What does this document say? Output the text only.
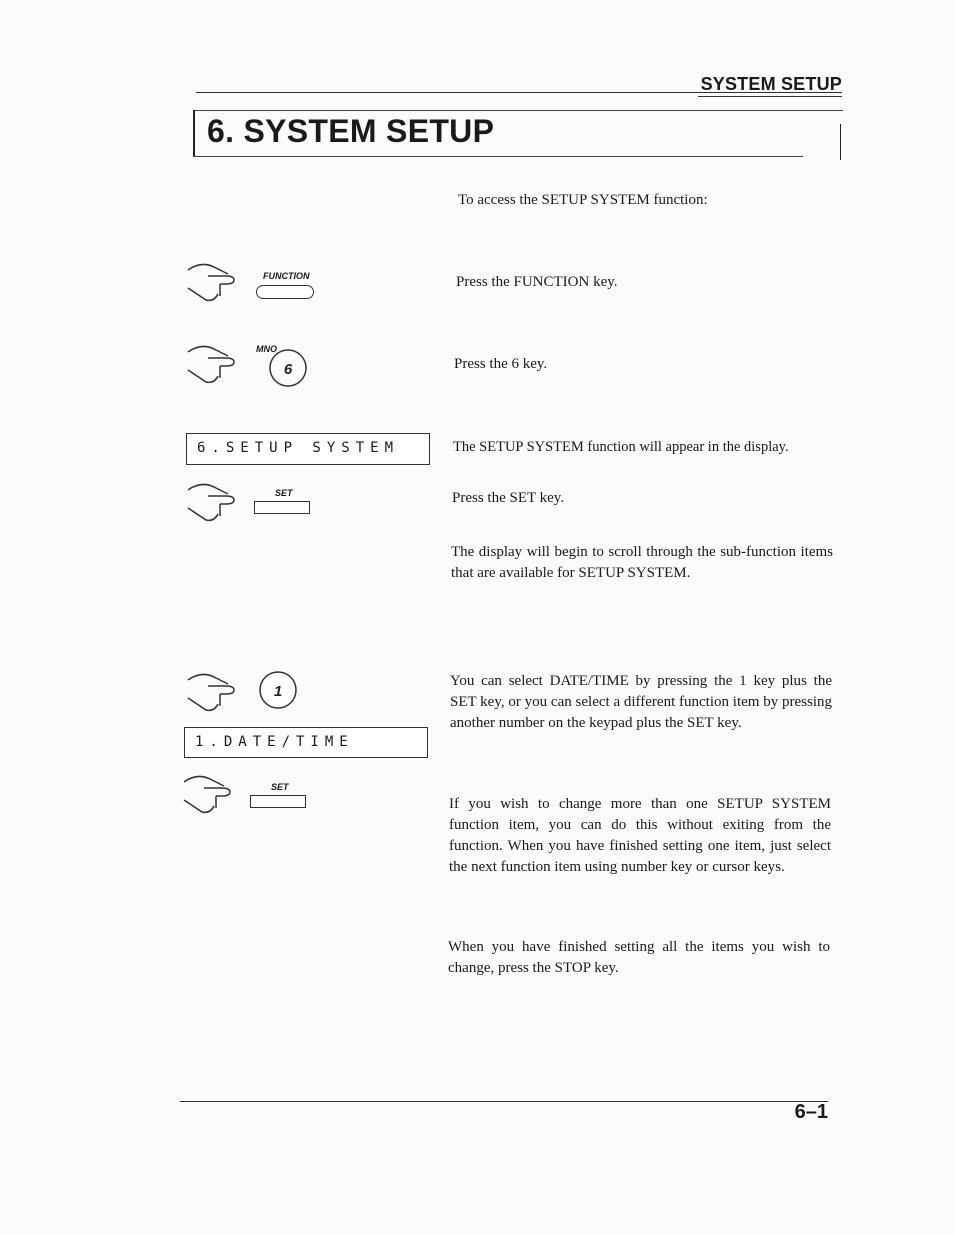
SYSTEM SETUP
6. SYSTEM SETUP
To access the SETUP SYSTEM function:
FUNCTION	Press the FUNCTION key.
MNO
6	Press the 6 key.
6.SETUP SYSTEM	The SETUP SYSTEM function will appear in the display.
SET	Press the SET key.
The display will begin to scroll through the sub-function items that are available for SETUP SYSTEM.
1
You can select DATE/TIME by pressing the 1 key plus the SET key, or you can select a different function item by pressing another number on the keypad plus the SET key.
1.DATE/TIME
SET
If you wish to change more than one SETUP SYSTEM function item, you can do this without exiting from the function. When you have finished setting one item, just select the next function item using number key or cursor keys.
When you have finished setting all the items you wish to change, press the STOP key.
6–1
